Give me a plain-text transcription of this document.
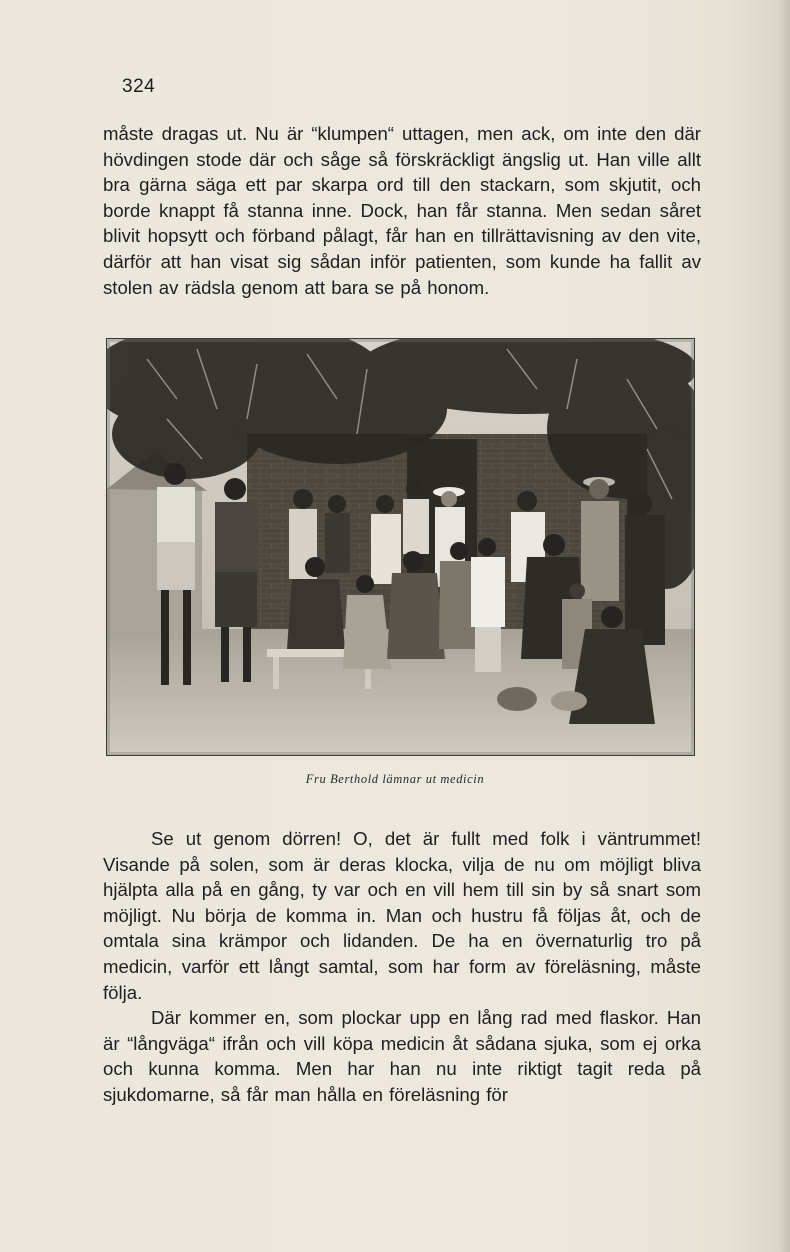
324

måste dragas ut. Nu är “klumpen“ uttagen, men ack, om inte den där hövdingen stode där och såge så förskräckligt ängslig ut. Han ville allt bra gärna säga ett par skarpa ord till den stackarn, som skjutit, och borde knappt få stanna inne. Dock, han får stanna. Men sedan såret blivit hopsytt och förband pålagt, får han en tillrättavisning av den vite, därför att han visat sig sådan inför patienten, som kunde ha fallit av stolen av rädsla genom att bara se på honom.

Fru Berthold lämnar ut medicin

Se ut genom dörren! O, det är fullt med folk i väntrummet! Visande på solen, som är deras klocka, vilja de nu om möjligt bliva hjälpta alla på en gång, ty var och en vill hem till sin by så snart som möjligt. Nu börja de komma in. Man och hustru få följas åt, och de omtala sina krämpor och lidanden. De ha en övernaturlig tro på medicin, varför ett långt samtal, som har form av föreläsning, måste följa.

Där kommer en, som plockar upp en lång rad med flaskor. Han är “långväga“ ifrån och vill köpa medicin åt sådana sjuka, som ej orka och kunna komma. Men har han nu inte riktigt tagit reda på sjukdomarne, så får man hålla en föreläsning för
